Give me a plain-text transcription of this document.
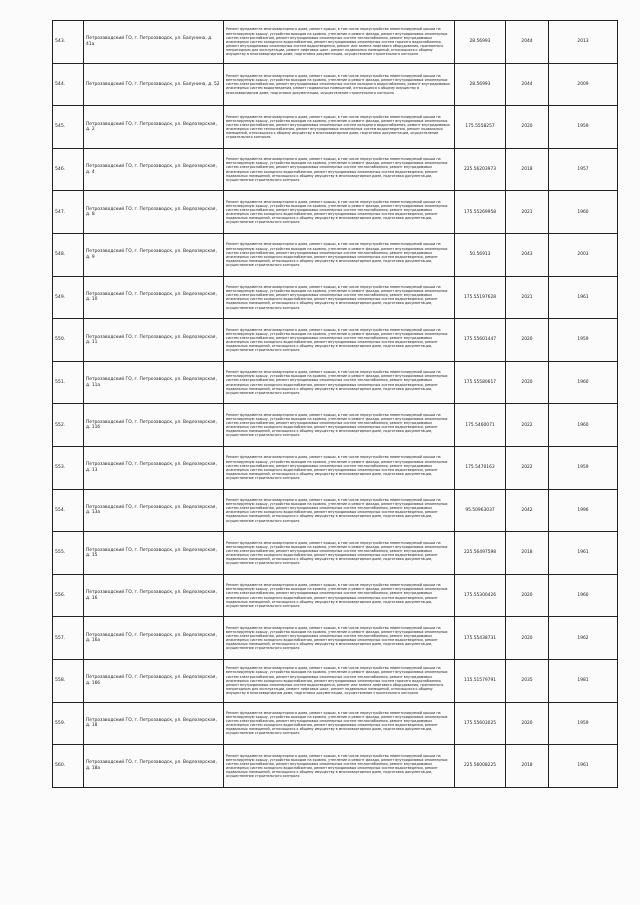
543.	Петрозаводский ГО, г. Петрозаводск, ул. Балунина, д. 41а	Ремонт фундамента многоквартирного дома, ремонт крыши, в том числе переустройство невентилируемой крыши на вентилируемую крышу, устройство выходов на кровлю, утепление и ремонт фасада, ремонт внутридомовых инженерных систем электроснабжения, ремонт внутридомовых инженерных систем теплоснабжения, ремонт внутридомовых инженерных систем холодного водоснабжения, ремонт внутридомовых инженерных систем горячего водоснабжения, ремонт внутридомовых инженерных систем водоотведения, ремонт или замена лифтового оборудования, признанного непригодным для эксплуатации, ремонт лифтовых шахт, ремонт подвальных помещений, относящихся к общему имуществу в многоквартирном доме, подготовка документации, осуществление строительного контроля	28.56993	2044	2013
544.	Петрозаводский ГО, г. Петрозаводск, ул. Балунина, д. 52	Ремонт фундамента многоквартирного дома, ремонт крыши, в том числе переустройство невентилируемой крыши на вентилируемую крышу, устройство выходов на кровлю, утепление и ремонт фасада, ремонт внутридомовых инженерных систем электроснабжения, ремонт внутридомовых инженерных систем холодного водоснабжения, ремонт внутридомовых инженерных систем водоотведения, ремонт подвальных помещений, относящихся к общему имуществу в многоквартирном доме, подготовка документации, осуществление строительного контроля	28.56993	2044	2009
545.	Петрозаводский ГО, г. Петрозаводск, ул. Ведлозерская, д. 2	Ремонт фундамента многоквартирного дома, ремонт крыши, в том числе переустройство невентилируемой крыши на вентилируемую крышу, устройство выходов на кровлю, утепление и ремонт фасада, ремонт внутридомовых инженерных систем электроснабжения, ремонт внутридомовых инженерных систем холодного водоснабжения, ремонт внутридомовых инженерных систем теплоснабжения, ремонт внутридомовых инженерных систем водоотведения, ремонт подвальных помещений, относящихся к общему имуществу в многоквартирном доме, подготовка документации, осуществление строительного контроля	175.5558257	2020	1959
546.	Петрозаводский ГО, г. Петрозаводск, ул. Ведлозерская, д. 4	Ремонт фундамента многоквартирного дома, ремонт крыши, в том числе переустройство невентилируемой крыши на вентилируемую крышу, устройство выходов на кровлю, утепление и ремонт фасада, ремонт внутридомовых инженерных систем электроснабжения, ремонт внутридомовых инженерных систем теплоснабжения, ремонт внутридомовых инженерных систем холодного водоснабжения, ремонт внутридомовых инженерных систем водоотведения, ремонт подвальных помещений, относящихся к общему имуществу в многоквартирном доме, подготовка документации, осуществление строительного контроля	225.56203973	2018	1957
547.	Петрозаводский ГО, г. Петрозаводск, ул. Ведлозерская, д. 8	Ремонт фундамента многоквартирного дома, ремонт крыши, в том числе переустройство невентилируемой крыши на вентилируемую крышу, устройство выходов на кровлю, утепление и ремонт фасада, ремонт внутридомовых инженерных систем электроснабжения, ремонт внутридомовых инженерных систем теплоснабжения, ремонт внутридомовых инженерных систем холодного водоснабжения, ремонт внутридомовых инженерных систем водоотведения, ремонт подвальных помещений, относящихся к общему имуществу в многоквартирном доме, подготовка документации, осуществление строительного контроля	175.55269958	2021	1960
548.	Петрозаводский ГО, г. Петрозаводск, ул. Ведлозерская, д. 9	Ремонт фундамента многоквартирного дома, ремонт крыши, в том числе переустройство невентилируемой крыши на вентилируемую крышу, устройство выходов на кровлю, утепление и ремонт фасада, ремонт внутридомовых инженерных систем электроснабжения, ремонт внутридомовых инженерных систем теплоснабжения, ремонт внутридомовых инженерных систем холодного водоснабжения, ремонт внутридомовых инженерных систем водоотведения, ремонт подвальных помещений, относящихся к общему имуществу в многоквартирном доме, подготовка документации, осуществление строительного контроля	50.56913	2043	2003
549.	Петрозаводский ГО, г. Петрозаводск, ул. Ведлозерская, д. 10	Ремонт фундамента многоквартирного дома, ремонт крыши, в том числе переустройство невентилируемой крыши на вентилируемую крышу, устройство выходов на кровлю, утепление и ремонт фасада, ремонт внутридомовых инженерных систем электроснабжения, ремонт внутридомовых инженерных систем теплоснабжения, ремонт внутридомовых инженерных систем холодного водоснабжения, ремонт внутридомовых инженерных систем водоотведения, ремонт подвальных помещений, относящихся к общему имуществу в многоквартирном доме, подготовка документации, осуществление строительного контроля	175.55197628	2021	1961
550.	Петрозаводский ГО, г. Петрозаводск, ул. Ведлозерская, д. 11	Ремонт фундамента многоквартирного дома, ремонт крыши, в том числе переустройство невентилируемой крыши на вентилируемую крышу, устройство выходов на кровлю, утепление и ремонт фасада, ремонт внутридомовых инженерных систем электроснабжения, ремонт внутридомовых инженерных систем теплоснабжения, ремонт внутридомовых инженерных систем холодного водоснабжения, ремонт внутридомовых инженерных систем водоотведения, ремонт подвальных помещений, относящихся к общему имуществу в многоквартирном доме, подготовка документации, осуществление строительного контроля	175.55601447	2020	1959
551.	Петрозаводский ГО, г. Петрозаводск, ул. Ведлозерская, д. 11а	Ремонт фундамента многоквартирного дома, ремонт крыши, в том числе переустройство невентилируемой крыши на вентилируемую крышу, устройство выходов на кровлю, утепление и ремонт фасада, ремонт внутридомовых инженерных систем электроснабжения, ремонт внутридомовых инженерных систем теплоснабжения, ремонт внутридомовых инженерных систем холодного водоснабжения, ремонт внутридомовых инженерных систем водоотведения, ремонт подвальных помещений, относящихся к общему имуществу в многоквартирном доме, подготовка документации, осуществление строительного контроля	175.55580617	2020	1960
552.	Петрозаводский ГО, г. Петрозаводск, ул. Ведлозерская, д. 11б	Ремонт фундамента многоквартирного дома, ремонт крыши, в том числе переустройство невентилируемой крыши на вентилируемую крышу, устройство выходов на кровлю, утепление и ремонт фасада, ремонт внутридомовых инженерных систем электроснабжения, ремонт внутридомовых инженерных систем теплоснабжения, ремонт внутридомовых инженерных систем холодного водоснабжения, ремонт внутридомовых инженерных систем водоотведения, ремонт подвальных помещений, относящихся к общему имуществу в многоквартирном доме, подготовка документации, осуществление строительного контроля	175.5460071	2022	1960
553.	Петрозаводский ГО, г. Петрозаводск, ул. Ведлозерская, д. 13	Ремонт фундамента многоквартирного дома, ремонт крыши, в том числе переустройство невентилируемой крыши на вентилируемую крышу, устройство выходов на кровлю, утепление и ремонт фасада, ремонт внутридомовых инженерных систем электроснабжения, ремонт внутридомовых инженерных систем теплоснабжения, ремонт внутридомовых инженерных систем холодного водоснабжения, ремонт внутридомовых инженерных систем водоотведения, ремонт подвальных помещений, относящихся к общему имуществу в многоквартирном доме, подготовка документации, осуществление строительного контроля	175.5470163	2022	1959
554.	Петрозаводский ГО, г. Петрозаводск, ул. Ведлозерская, д. 13а	Ремонт фундамента многоквартирного дома, ремонт крыши, в том числе переустройство невентилируемой крыши на вентилируемую крышу, устройство выходов на кровлю, утепление и ремонт фасада, ремонт внутридомовых инженерных систем электроснабжения, ремонт внутридомовых инженерных систем теплоснабжения, ремонт внутридомовых инженерных систем холодного водоснабжения, ремонт внутридомовых инженерных систем водоотведения, ремонт подвальных помещений, относящихся к общему имуществу в многоквартирном доме, подготовка документации, осуществление строительного контроля	95.50963037	2042	1996
555.	Петрозаводский ГО, г. Петрозаводск, ул. Ведлозерская, д. 15	Ремонт фундамента многоквартирного дома, ремонт крыши, в том числе переустройство невентилируемой крыши на вентилируемую крышу, устройство выходов на кровлю, утепление и ремонт фасада, ремонт внутридомовых инженерных систем электроснабжения, ремонт внутридомовых инженерных систем теплоснабжения, ремонт внутридомовых инженерных систем холодного водоснабжения, ремонт внутридомовых инженерных систем водоотведения, ремонт подвальных помещений, относящихся к общему имуществу в многоквартирном доме, подготовка документации, осуществление строительного контроля	225.56497598	2018	1961
556.	Петрозаводский ГО, г. Петрозаводск, ул. Ведлозерская, д. 16	Ремонт фундамента многоквартирного дома, ремонт крыши, в том числе переустройство невентилируемой крыши на вентилируемую крышу, устройство выходов на кровлю, утепление и ремонт фасада, ремонт внутридомовых инженерных систем электроснабжения, ремонт внутридомовых инженерных систем теплоснабжения, ремонт внутридомовых инженерных систем холодного водоснабжения, ремонт внутридомовых инженерных систем водоотведения, ремонт подвальных помещений, относящихся к общему имуществу в многоквартирном доме, подготовка документации, осуществление строительного контроля	175.55300426	2020	1960
557.	Петрозаводский ГО, г. Петрозаводск, ул. Ведлозерская, д. 16а	Ремонт фундамента многоквартирного дома, ремонт крыши, в том числе переустройство невентилируемой крыши на вентилируемую крышу, устройство выходов на кровлю, утепление и ремонт фасада, ремонт внутридомовых инженерных систем электроснабжения, ремонт внутридомовых инженерных систем теплоснабжения, ремонт внутридомовых инженерных систем холодного водоснабжения, ремонт внутридомовых инженерных систем водоотведения, ремонт подвальных помещений, относящихся к общему имуществу в многоквартирном доме, подготовка документации, осуществление строительного контроля	175.55438731	2020	1962
558.	Петрозаводский ГО, г. Петрозаводск, ул. Ведлозерская, д. 16б	Ремонт фундамента многоквартирного дома, ремонт крыши, в том числе переустройство невентилируемой крыши на вентилируемую крышу, устройство выходов на кровлю, утепление и ремонт фасада, ремонт внутридомовых инженерных систем электроснабжения, ремонт внутридомовых инженерных систем теплоснабжения, ремонт внутридомовых инженерных систем холодного водоснабжения, ремонт внутридомовых инженерных систем горячего водоснабжения, ремонт внутридомовых инженерных систем водоотведения, ремонт или замена лифтового оборудования, признанного непригодным для эксплуатации, ремонт лифтовых шахт, ремонт подвальных помещений, относящихся к общему имуществу в многоквартирном доме, подготовка документации, осуществление строительного контроля	115.51579791	2035	1981
559.	Петрозаводский ГО, г. Петрозаводск, ул. Ведлозерская, д. 18	Ремонт фундамента многоквартирного дома, ремонт крыши, в том числе переустройство невентилируемой крыши на вентилируемую крышу, устройство выходов на кровлю, утепление и ремонт фасада, ремонт внутридомовых инженерных систем электроснабжения, ремонт внутридомовых инженерных систем теплоснабжения, ремонт внутридомовых инженерных систем холодного водоснабжения, ремонт внутридомовых инженерных систем водоотведения, ремонт подвальных помещений, относящихся к общему имуществу в многоквартирном доме, подготовка документации, осуществление строительного контроля	175.55603025	2020	1959
560.	Петрозаводский ГО, г. Петрозаводск, ул. Ведлозерская, д. 18а	Ремонт фундамента многоквартирного дома, ремонт крыши, в том числе переустройство невентилируемой крыши на вентилируемую крышу, устройство выходов на кровлю, утепление и ремонт фасада, ремонт внутридомовых инженерных систем электроснабжения, ремонт внутридомовых инженерных систем теплоснабжения, ремонт внутридомовых инженерных систем холодного водоснабжения, ремонт внутридомовых инженерных систем водоотведения, ремонт подвальных помещений, относящихся к общему имуществу в многоквартирном доме, подготовка документации, осуществление строительного контроля	225.56008225	2018	1961
